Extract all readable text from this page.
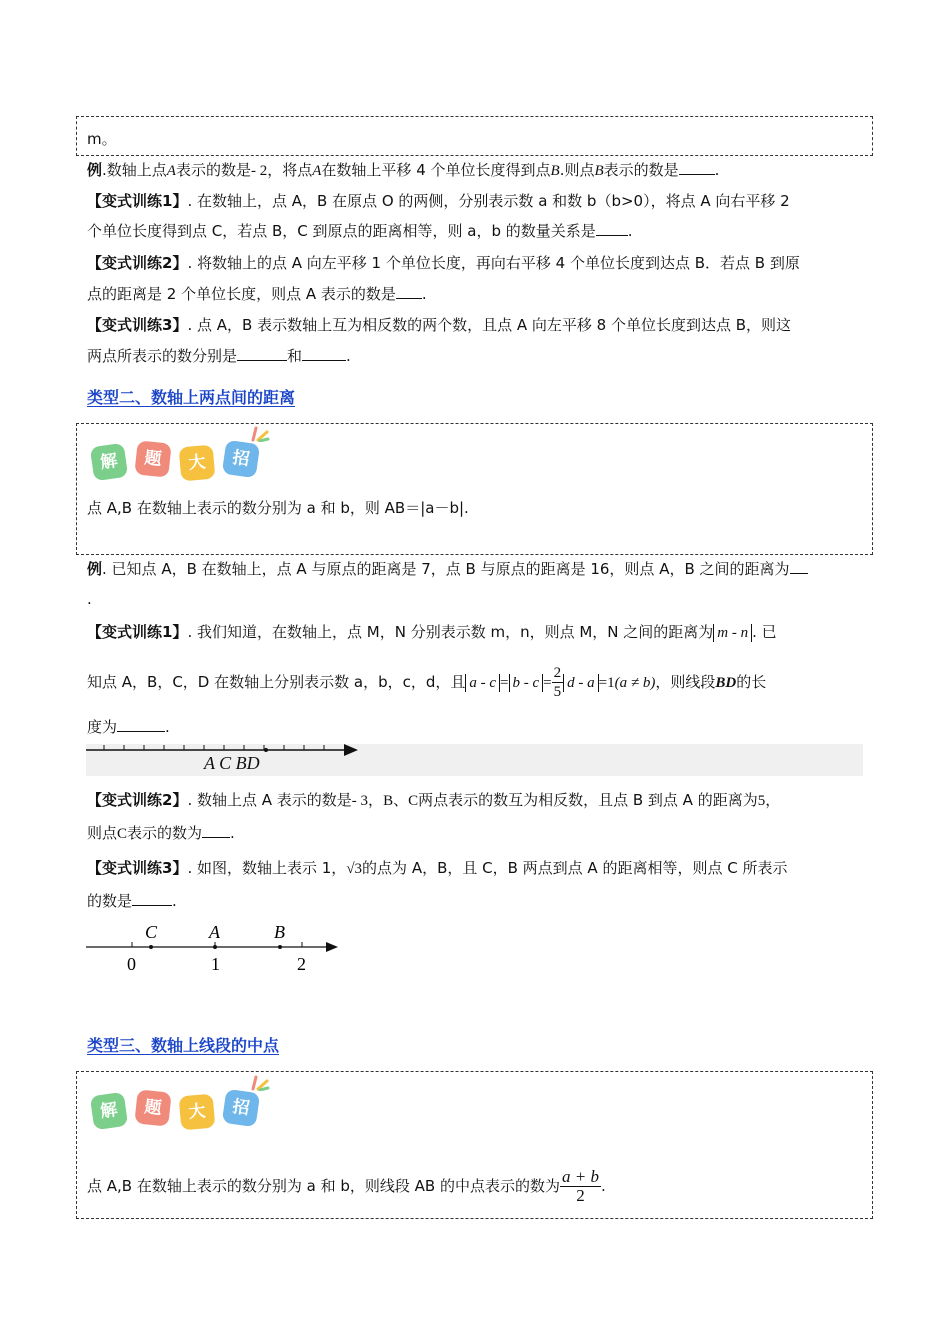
m。
例.数轴上点A表示的数是- 2，将点A在数轴上平移 4 个单位长度得到点B.则点B表示的数是 .
【变式训练1】. 在数轴上，点 A，B 在原点 O 的两侧，分别表示数 a 和数 b（b>0），将点 A 向右平移 2
个单位长度得到点 C，若点 B，C 到原点的距离相等，则 a，b 的数量关系是 .
【变式训练2】. 将数轴上的点 A 向左平移 1 个单位长度，再向右平移 4 个单位长度到达点 B．若点 B 到原
点的距离是 2 个单位长度，则点 A 表示的数是 .
【变式训练3】. 点 A，B 表示数轴上互为相反数的两个数，且点 A 向左平移 8 个单位长度到达点 B，则这
两点所表示的数分别是	和	.
类型二、数轴上两点间的距离
解	题	大	招
点 A,B 在数轴上表示的数分别为 a 和 b，则 AB＝|a－b|.
例. 已知点 A，B 在数轴上，点 A 与原点的距离是 7，点 B 与原点的距离是 16，则点 A，B 之间的距离为
.
【变式训练1】. 我们知道，在数轴上，点 M，N 分别表示数 m，n，则点 M，N 之间的距离为 m - n . 已
知点 A，B，C，D 在数轴上分别表示数 a，b，c，d，且 $a - c = b - c = \frac{2}{5}$ d - a =1(a ≠ b)，则线段BD的长
度为	.
A C BD
【变式训练2】. 数轴上点 A 表示的数是- 3，B、C两点表示的数互为相反数，且点 B 到点 A 的距离为5，
则点C表示的数为 .
【变式训练3】. 如图，数轴上表示 1，√3的点为 A，B，且 C，B 两点到点 A 的距离相等，则点 C 所表示
的数是	.
C	A	B
0	1	2
类型三、数轴上线段的中点
解	题	大	招
点 A,B 在数轴上表示的数分别为 a 和 b，则线段 AB 的中点表示的数为 $\frac{a + b}{2}$ .
